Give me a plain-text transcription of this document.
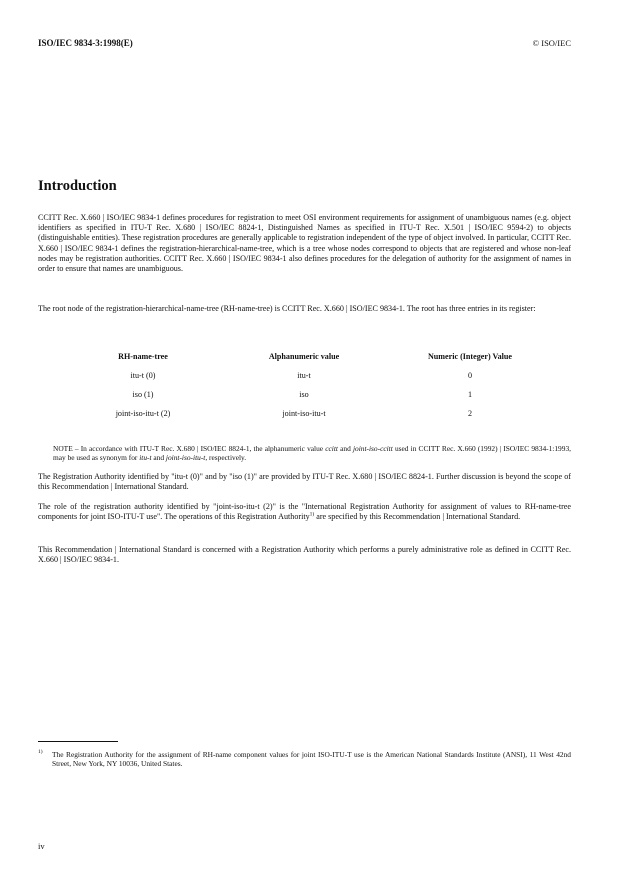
ISO/IEC 9834-3:1998(E)	© ISO/IEC
Introduction

CCITT Rec. X.660 | ISO/IEC 9834-1 defines procedures for registration to meet OSI environment requirements for assignment of unambiguous names (e.g. object identifiers as specified in ITU-T Rec. X.680 | ISO/IEC 8824-1, Distinguished Names as specified in ITU-T Rec. X.501 | ISO/IEC 9594-2) to objects (distinguishable entities). These registration procedures are generally applicable to registration independent of the type of object involved. In particular, CCITT Rec. X.660 | ISO/IEC 9834-1 defines the registration-hierarchical-name-tree, which is a tree whose nodes correspond to objects that are registered and whose non-leaf nodes may be registration authorities. CCITT Rec. X.660 | ISO/IEC 9834-1 also defines procedures for the delegation of authority for the assignment of names in order to ensure that names are unambiguous.

The root node of the registration-hierarchical-name-tree (RH-name-tree) is CCITT Rec. X.660 | ISO/IEC 9834-1. The root has three entries in its register:

RH-name-tree	Alphanumeric value	Numeric (Integer) Value
itu-t (0)	itu-t	0
iso (1)	iso	1
joint-iso-itu-t (2)	joint-iso-itu-t	2

NOTE – In accordance with ITU-T Rec. X.680 | ISO/IEC 8824-1, the alphanumeric value ccitt and joint-iso-ccitt used in CCITT Rec. X.660 (1992) | ISO/IEC 9834-1:1993, may be used as synonym for itu-t and joint-iso-itu-t, respectively.

The Registration Authority identified by "itu-t (0)" and by "iso (1)" are provided by ITU-T Rec. X.680 | ISO/IEC 8824-1. Further discussion is beyond the scope of this Recommendation | International Standard.

The role of the registration authority identified by "joint-iso-itu-t (2)" is the "International Registration Authority for assignment of values to RH-name-tree components for joint ISO-ITU-T use". The operations of this Registration Authority$^{1)}$ are specified by this Recommendation | International Standard.

This Recommendation | International Standard is concerned with a Registration Authority which performs a purely administrative role as defined in CCITT Rec. X.660 | ISO/IEC 9834-1.

1)	The Registration Authority for the assignment of RH-name component values for joint ISO-ITU-T use is the American National Standards Institute (ANSI), 11 West 42nd Street, New York, NY 10036, United States.
iv
